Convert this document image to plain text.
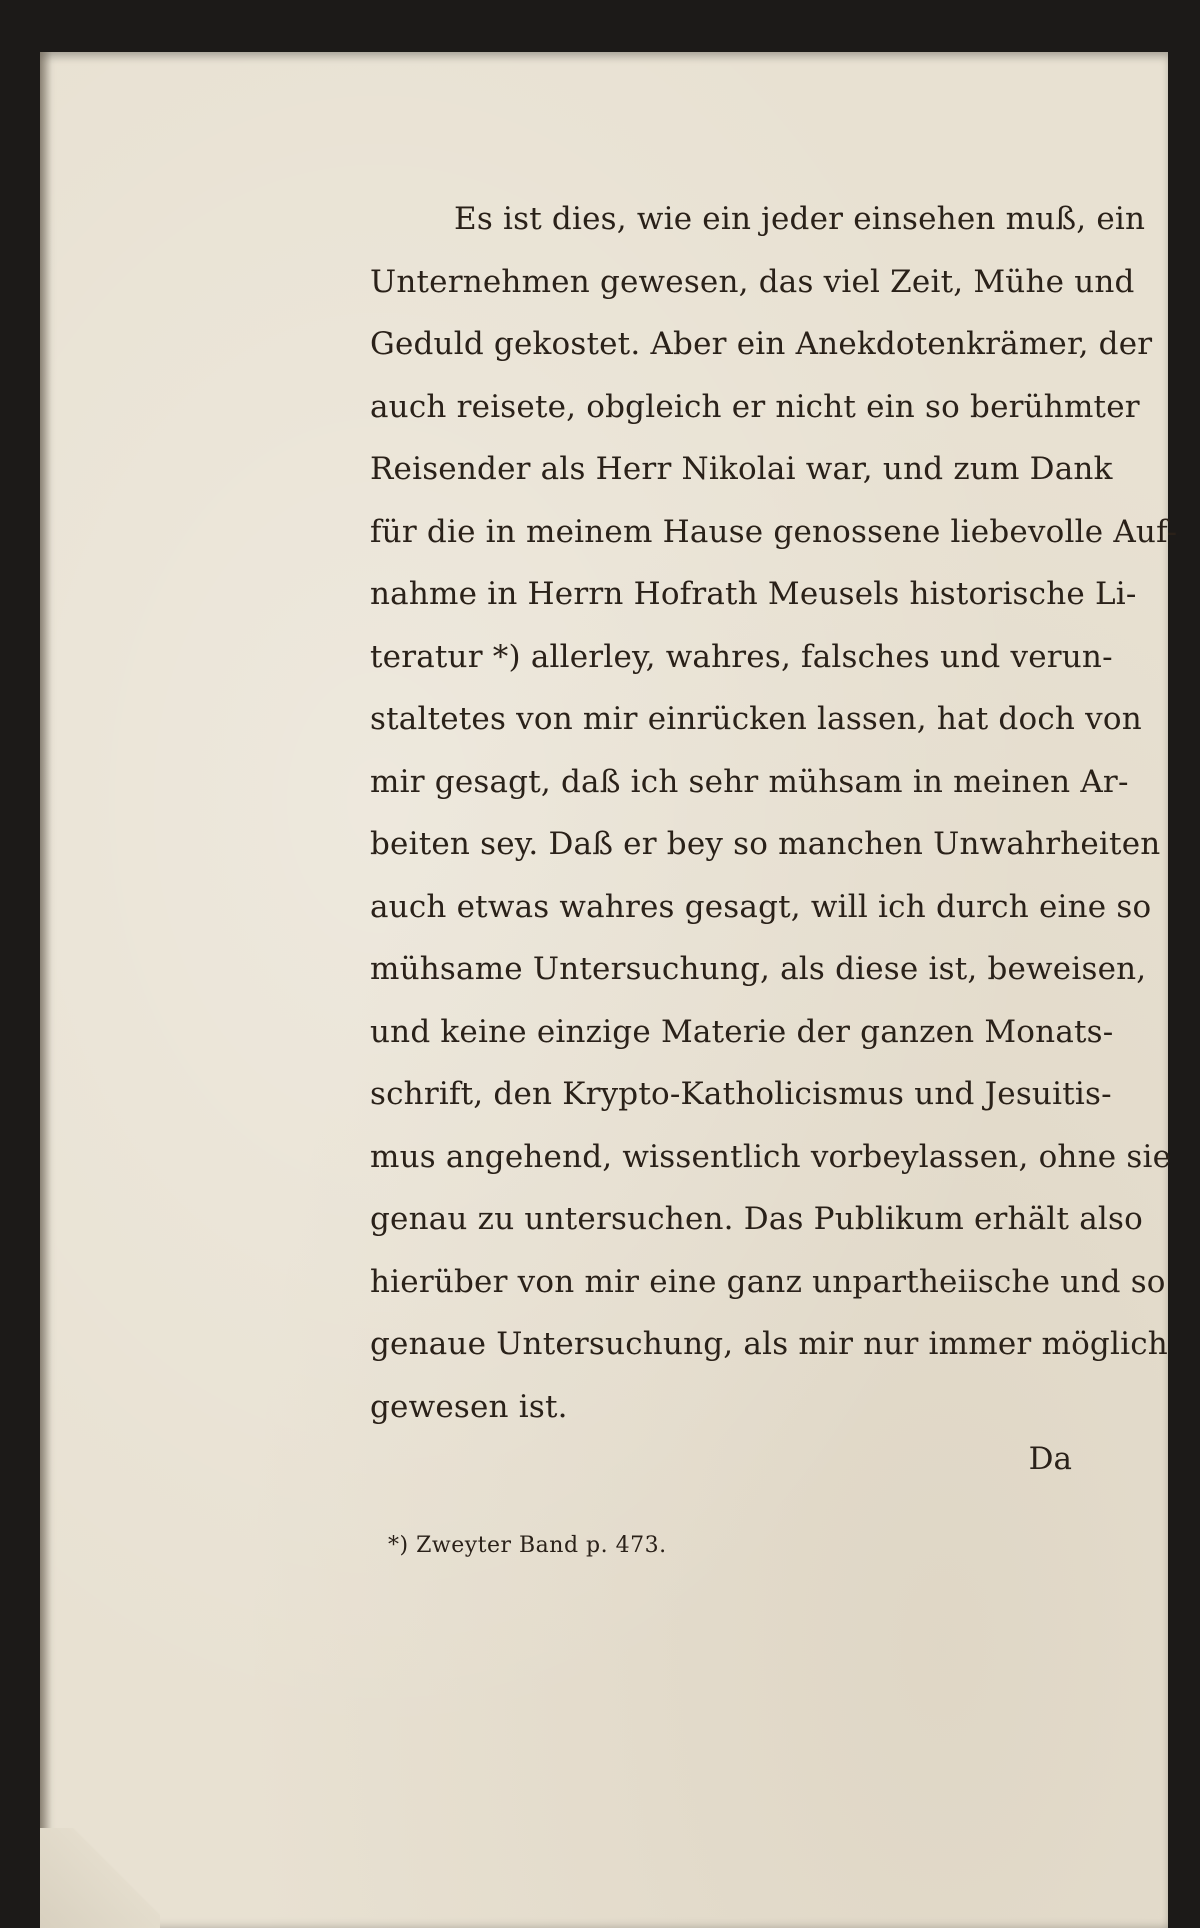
Es ist dies, wie ein jeder einsehen muß, ein
Unternehmen gewesen, das viel Zeit, Mühe und
Geduld gekostet. Aber ein Anekdotenkrämer, der
auch reisete, obgleich er nicht ein so berühmter
Reisender als Herr Nikolai war, und zum Dank
für die in meinem Hause genossene liebevolle Auf-
nahme in Herrn Hofrath Meusels historische Li-
teratur *) allerley, wahres, falsches und verun-
staltetes von mir einrücken lassen, hat doch von
mir gesagt, daß ich sehr mühsam in meinen Ar-
beiten sey. Daß er bey so manchen Unwahrheiten
auch etwas wahres gesagt, will ich durch eine so
mühsame Untersuchung, als diese ist, beweisen,
und keine einzige Materie der ganzen Monats-
schrift, den Krypto-Katholicismus und Jesuitis-
mus angehend, wissentlich vorbeylassen, ohne sie
genau zu untersuchen. Das Publikum erhält also
hierüber von mir eine ganz unpartheiische und so
genaue Untersuchung, als mir nur immer möglich
gewesen ist.
Da
*) Zweyter Band p. 473.
